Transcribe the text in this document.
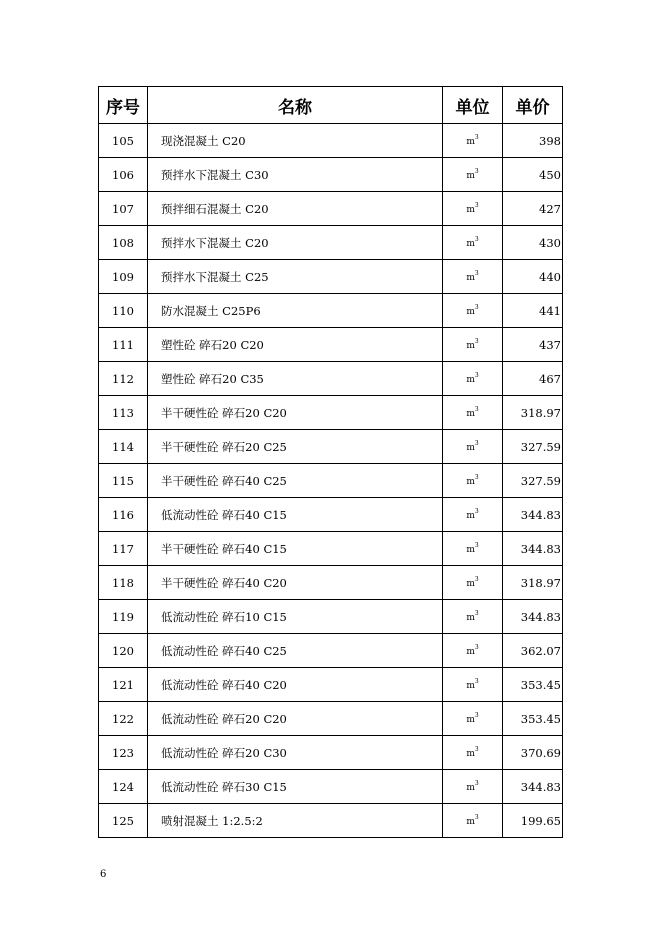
序号	名称	单位	单价
105	现浇混凝土 C20	$m^3$	398
106	预拌水下混凝土 C30	$m^3$	450
107	预拌细石混凝土 C20	$m^3$	427
108	预拌水下混凝土 C20	$m^3$	430
109	预拌水下混凝土 C25	$m^3$	440
110	防水混凝土 C25P6	$m^3$	441
111	塑性砼 碎石20 C20	$m^3$	437
112	塑性砼 碎石20 C35	$m^3$	467
113	半干硬性砼 碎石20 C20	$m^3$	318.97
114	半干硬性砼 碎石20 C25	$m^3$	327.59
115	半干硬性砼 碎石40 C25	$m^3$	327.59
116	低流动性砼 碎石40 C15	$m^3$	344.83
117	半干硬性砼 碎石40 C15	$m^3$	344.83
118	半干硬性砼 碎石40 C20	$m^3$	318.97
119	低流动性砼 碎石10 C15	$m^3$	344.83
120	低流动性砼 碎石40 C25	$m^3$	362.07
121	低流动性砼 碎石40 C20	$m^3$	353.45
122	低流动性砼 碎石20 C20	$m^3$	353.45
123	低流动性砼 碎石20 C30	$m^3$	370.69
124	低流动性砼 碎石30 C15	$m^3$	344.83
125	喷射混凝土 1:2.5:2	$m^3$	199.65
6
